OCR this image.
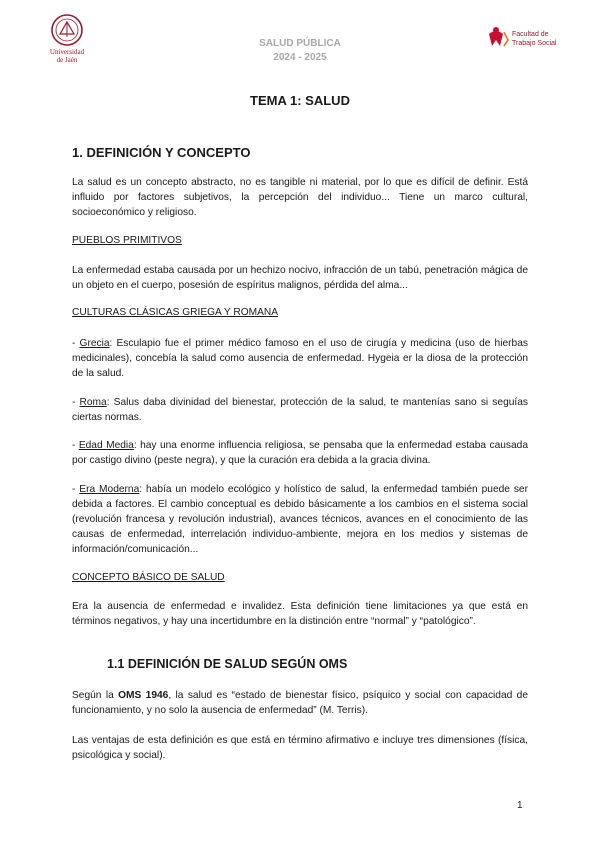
Universidad
de Jaén
SALUD PÚBLICA
2024 - 2025
Facultad de
Trabajo Social
TEMA 1: SALUD
1. DEFINICIÓN Y CONCEPTO
La salud es un concepto abstracto, no es tangible ni material, por lo que es difícil de definir. Está influido por factores subjetivos, la percepción del individuo... Tiene un marco cultural, socioeconómico y religioso.
PUEBLOS PRIMITIVOS
La enfermedad estaba causada por un hechizo nocivo, infracción de un tabú, penetración mágica de un objeto en el cuerpo, posesión de espíritus malignos, pérdida del alma...
CULTURAS CLÁSICAS GRIEGA Y ROMANA
- Grecia: Esculapio fue el primer médico famoso en el uso de cirugía y medicina (uso de hierbas medicinales), concebía la salud como ausencia de enfermedad. Hygeia er la diosa de la protección de la salud.
- Roma: Salus daba divinidad del bienestar, protección de la salud, te mantenías sano si seguías ciertas normas.
- Edad Media: hay una enorme influencia religiosa, se pensaba que la enfermedad estaba causada por castigo divino (peste negra), y que la curación era debida a la gracia divina.
- Era Moderna: había un modelo ecológico y holístico de salud, la enfermedad también puede ser debida a factores. El cambio conceptual es debido básicamente a los cambios en el sistema social (revolución francesa y revolución industrial), avances técnicos, avances en el conocimiento de las causas de enfermedad, interrelación individuo-ambiente, mejora en los medios y sistemas de información/comunicación...
CONCEPTO BÁSICO DE SALUD
Era la ausencia de enfermedad e invalidez. Esta definición tiene limitaciones ya que está en términos negativos, y hay una incertidumbre en la distinción entre “normal” y “patológico”.
1.1 DEFINICIÓN DE SALUD SEGÚN OMS
Según la OMS 1946, la salud es “estado de bienestar físico, psíquico y social con capacidad de funcionamiento, y no solo la ausencia de enfermedad” (M. Terris).
Las ventajas de esta definición es que está en término afirmativo e incluye tres dimensiones (física, psicológica y social).
1
